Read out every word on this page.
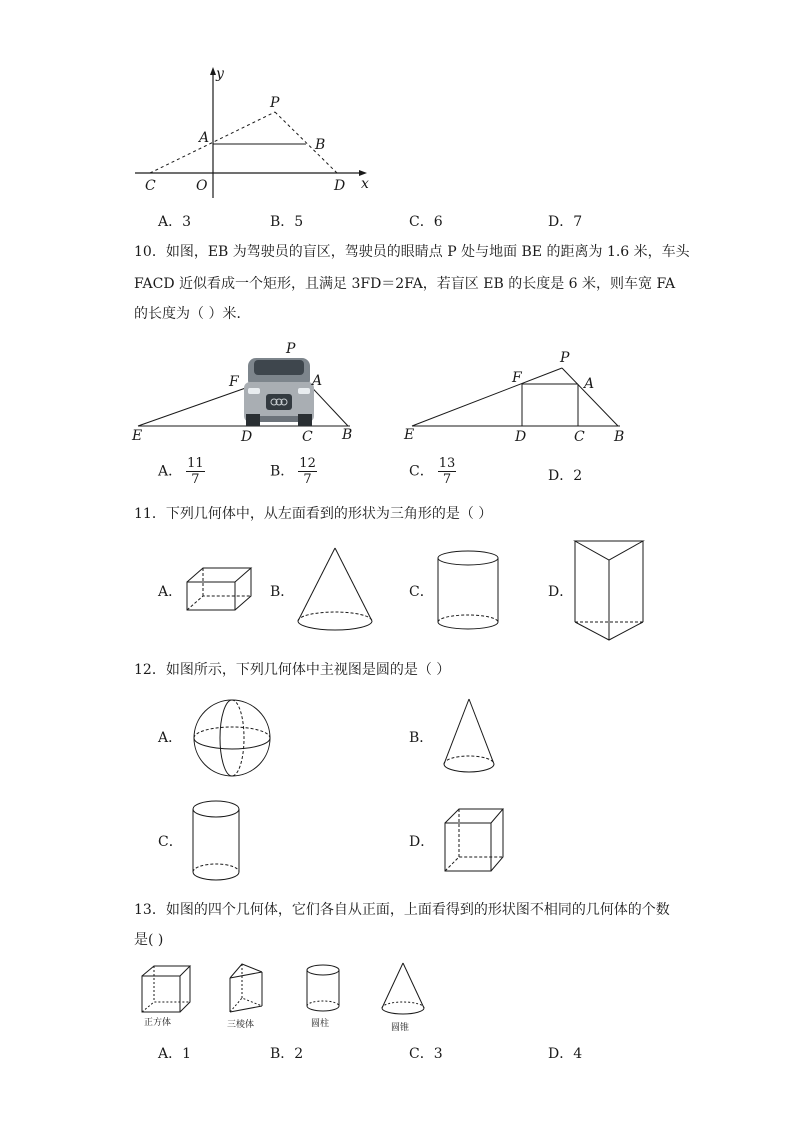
y
P
A	B
C	O	D x
A．3	B．5	C．6	D．7
10．如图，EB 为驾驶员的盲区，驾驶员的眼睛点 P 处与地面 BE 的距离为 1.6 米，车头
FACD 近似看成一个矩形，且满足 3FD＝2FA，若盲区 EB 的长度是 6 米，则车宽 FA
的长度为（ ）米．
P
F	A
E	D	C B
P
F	A
E	D	C B
A． $\frac{11}{7}$	B． $\frac{12}{7}$	C． $\frac{13}{7}$	D．2
11．下列几何体中，从左面看到的形状为三角形的是（ ）
A．	B．	C．	D．
12．如图所示，下列几何体中主视图是圆的是（ ）
A．	B．
C．	D．
13．如图的四个几何体，它们各自从正面，上面看得到的形状图不相同的几何体的个数
是( )
正方体	三棱体	圆柱	圆锥
A．1	B．2	C．3	D．4
